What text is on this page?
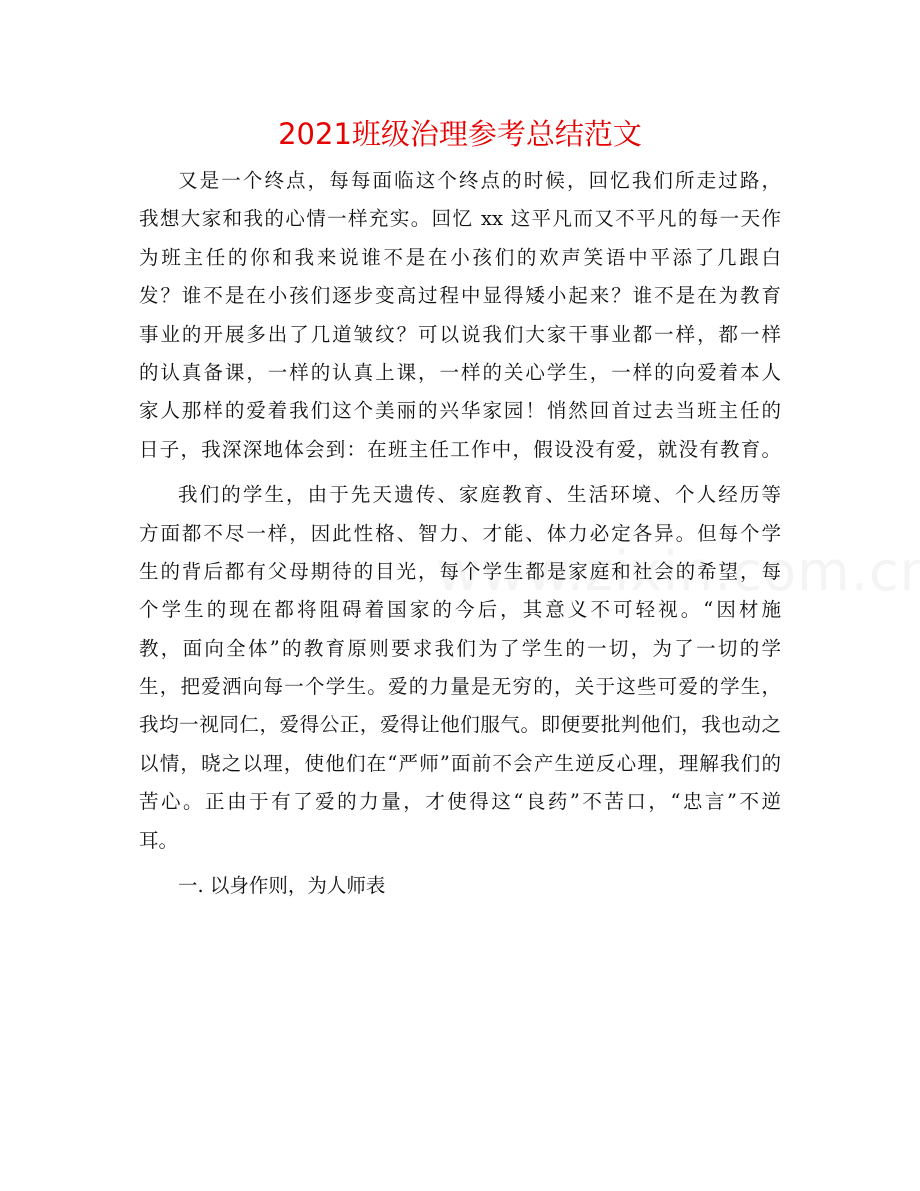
2021班级治理参考总结范文
又是一个终点，每每面临这个终点的时候，回忆我们所走过路，
我想大家和我的心情一样充实。回忆 xx 这平凡而又不平凡的每一天作
为班主任的你和我来说谁不是在小孩们的欢声笑语中平添了几跟白
发？谁不是在小孩们逐步变高过程中显得矮小起来？谁不是在为教育
事业的开展多出了几道皱纹？可以说我们大家干事业都一样，都一样
的认真备课，一样的认真上课，一样的关心学生，一样的向爱着本人
家人那样的爱着我们这个美丽的兴华家园！悄然回首过去当班主任的
日子，我深深地体会到：在班主任工作中，假设没有爱，就没有教育。
我们的学生，由于先天遗传、家庭教育、生活环境、个人经历等
方面都不尽一样，因此性格、智力、才能、体力必定各异。但每个学
生的背后都有父母期待的目光，每个学生都是家庭和社会的希望，每
个学生的现在都将阻碍着国家的今后，其意义不可轻视。“因材施
教，面向全体”的教育原则要求我们为了学生的一切，为了一切的学
生，把爱洒向每一个学生。爱的力量是无穷的，关于这些可爱的学生，
我均一视同仁，爱得公正，爱得让他们服气。即便要批判他们，我也动之
以情，晓之以理，使他们在“严师”面前不会产生逆反心理，理解我们的
苦心。正由于有了爱的力量，才使得这“良药”不苦口，“忠言”不逆
耳。
一. 以身作则，为人师表
